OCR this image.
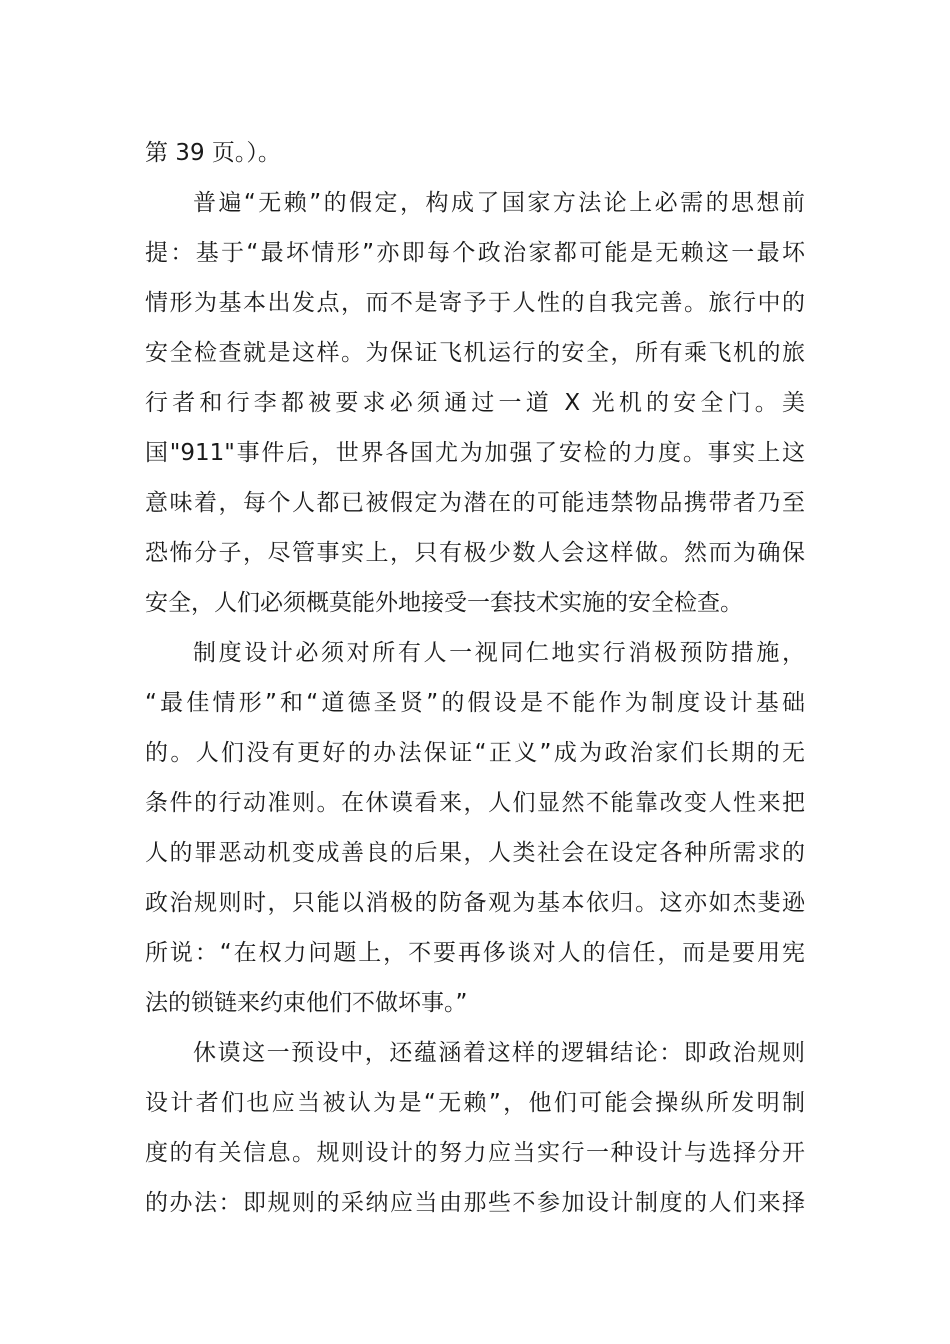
第 39 页。）。
普遍“无赖”的假定，构成了国家方法论上必需的思想前
提：基于“最坏情形”亦即每个政治家都可能是无赖这一最坏
情形为基本出发点，而不是寄予于人性的自我完善。旅行中的
安全检查就是这样。为保证飞机运行的安全，所有乘飞机的旅
行者和行李都被要求必须通过一道 X 光机的安全门。美
国"911"事件后，世界各国尤为加强了安检的力度。事实上这
意味着，每个人都已被假定为潜在的可能违禁物品携带者乃至
恐怖分子，尽管事实上，只有极少数人会这样做。然而为确保
安全，人们必须概莫能外地接受一套技术实施的安全检查。
制度设计必须对所有人一视同仁地实行消极预防措施，
“最佳情形”和“道德圣贤”的假设是不能作为制度设计基础
的。人们没有更好的办法保证“正义”成为政治家们长期的无
条件的行动准则。在休谟看来，人们显然不能靠改变人性来把
人的罪恶动机变成善良的后果，人类社会在设定各种所需求的
政治规则时，只能以消极的防备观为基本依归。这亦如杰斐逊
所说：“在权力问题上，不要再侈谈对人的信任，而是要用宪
法的锁链来约束他们不做坏事。”
休谟这一预设中，还蕴涵着这样的逻辑结论：即政治规则
设计者们也应当被认为是“无赖”，他们可能会操纵所发明制
度的有关信息。规则设计的努力应当实行一种设计与选择分开
的办法：即规则的采纳应当由那些不参加设计制度的人们来择
